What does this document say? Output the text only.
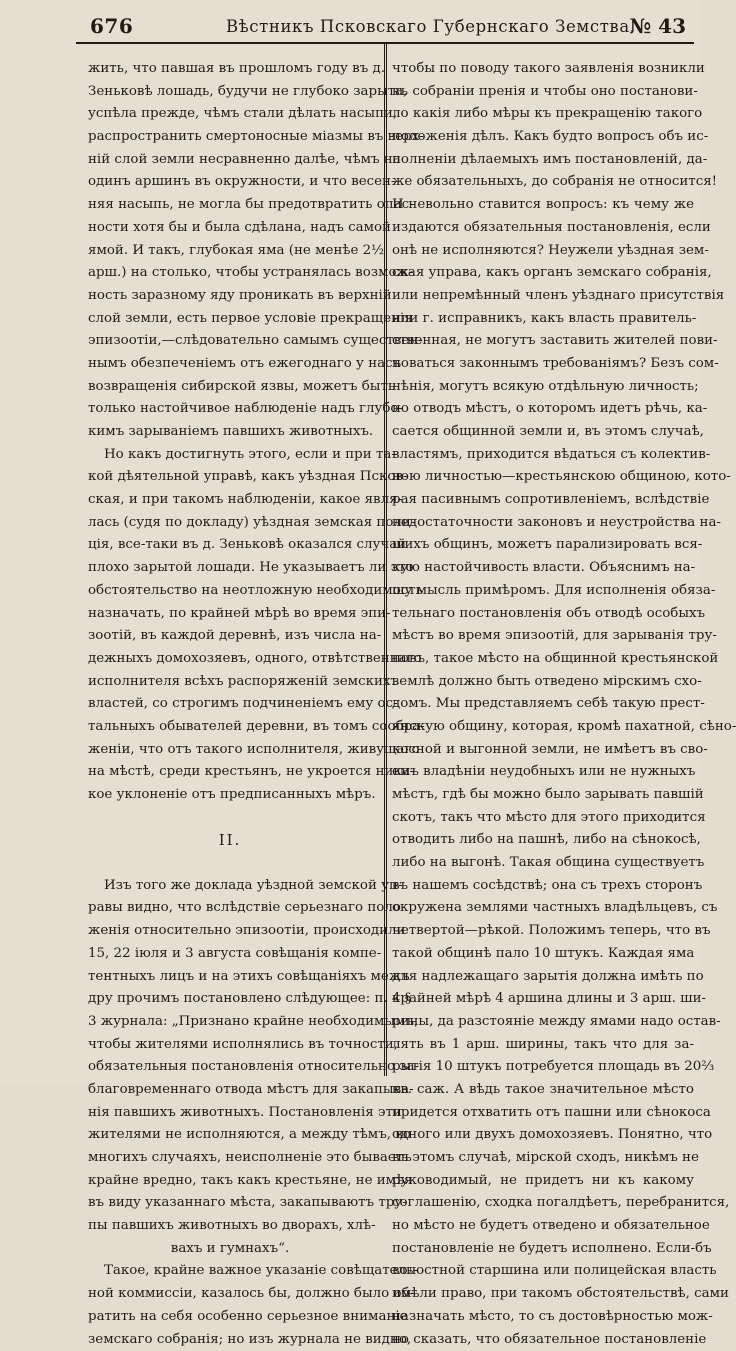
676	Вѣстникъ Псковскаго Губернскаго Земства.
№ 43
жить, что павшая въ прошломъ году въ д.
Зеньковѣ лошадь, будучи не глубоко зарыта,
успѣла прежде, чѣмъ стали дѣлать насыпи,
распространить смертоносные міазмы въ верх-
ній слой земли несравненно далѣе, чѣмъ на
одинъ аршинъ въ окружности, и что весен-
няя насыпь, не могла бы предотвратить опас-
ности хотя бы и была сдѣлана, надъ самой
ямой. И такъ, глубокая яма (не менѣе 2½
арш.) на столько, чтобы устранялась возмож-
ность заразному яду проникать въ верхній
слой земли, есть первое условіе прекращенія
эпизоотіи,—слѣдовательно самымъ существен-
нымъ обезпеченіемъ отъ ежегоднаго у насъ
возвращенія сибирской язвы, можетъ быть
только настойчивое наблюденіе надъ глубо-
кимъ зарываніемъ павшихъ животныхъ.
Но какъ достигнуть этого, если и при та-
кой дѣятельной управѣ, какъ уѣздная Псков-
ская, и при такомъ наблюденіи, какое явля-
лась (судя по докладу) уѣздная земская поли-
ція, все-таки въ д. Зеньковѣ оказался случай
плохо зарытой лошади. Не указываетъ ли это
обстоятельство на неотложную необходимость
назначать, по крайней мѣрѣ во время эпи-
зоотій, въ каждой деревнѣ, изъ числа на-
дежныхъ домохозяевъ, одного, отвѣтственнаго
исполнителя всѣхъ распоряженій земскихъ
властей, со строгимъ подчиненіемъ ему ос-
тальныхъ обывателей деревни, въ томъ сообра-
женіи, что отъ такого исполнителя, живущаго
на мѣстѣ, среди крестьянъ, не укроется ника-
кое уклоненіе отъ предписанныхъ мѣръ.
II.
Изъ того же доклада уѣздной земской уп-
равы видно, что вслѣдствіе серьезнаго поло-
женія относительно эпизоотіи, происходили
15, 22 іюля и 3 августа совѣщанія компе-
тентныхъ лицъ и на этихъ совѣщаніяхъ межъ
дру прочимъ постановлено слѣдующее: п. 4 §
3 журнала: „Признано крайне необходимымъ,
чтобы жителями исполнялись въ точности,
обязательныя постановленія относительно за-
благовременнаго отвода мѣстъ для закапыва-
нія павшихъ животныхъ. Постановленія эти
жителями не исполняются, а между тѣмъ, во
многихъ случаяхъ, неисполненіе это бываетъ
крайне вредно, такъ какъ крестьяне, не имѣя
въ виду указаннаго мѣста, закапываютъ тру-
пы павшихъ животныхъ во дворахъ, хлѣ-
вахъ и гумнахъ“.
Такое, крайне важное указаніе совѣщатель-
ной коммиссіи, казалось бы, должно было об-
ратить на себя особенно серьезное вниманіе
земскаго собранія; но изъ журнала не видно,
чтобы по поводу такого заявленія возникли
въ собраніи пренія и чтобы оно постанови-
ло какія либо мѣры къ прекращенію такого
положенія дѣлъ. Какъ будто вопросъ объ ис-
полненіи дѣлаемыхъ имъ постановленій, да-
же обязательныхъ, до собранія не относится!
И невольно ставится вопросъ: къ чему же
издаются обязательныя постановленія, если
онѣ не исполняются? Неужели уѣздная зем-
ская управа, какъ органъ земскаго собранія,
или непремѣнный членъ уѣзднаго присутствія
или г. исправникъ, какъ власть правитель-
ственная, не могутъ заставить жителей пови-
новаться законнымъ требованіямъ? Безъ сом-
нѣнія, могутъ всякую отдѣльную личность;
но отводъ мѣстъ, о которомъ идетъ рѣчь, ка-
сается общинной земли и, въ этомъ случаѣ,
властямъ, приходится вѣдаться съ колектив-
ною личностью—крестьянскою общиною, кото-
рая пасивнымъ сопротивленіемъ, вслѣдствіе
недостаточности законовъ и неустройства на-
шихъ общинъ, можетъ парализировать вся-
кую настойчивость власти. Объяснимъ на-
шу мысль примѣромъ. Для исполненія обяза-
тельнаго постановленія объ отводѣ особыхъ
мѣстъ во время эпизоотій, для зарыванія тру-
повъ, такое мѣсто на общинной крестьянской
землѣ должно быть отведено мірскимъ схо-
домъ. Мы представляемъ себѣ такую прест-
янскую общину, которая, кромѣ пахатной, сѣно-
косной и выгонной земли, не имѣетъ въ сво-
емъ владѣніи неудобныхъ или не нужныхъ
мѣстъ, гдѣ бы можно было зарывать павшій
скотъ, такъ что мѣсто для этого приходится
отводить либо на пашнѣ, либо на сѣнокосѣ,
либо на выгонѣ. Такая община существуетъ
въ нашемъ сосѣдствѣ; она съ трехъ сторонъ
окружена землями частныхъ владѣльцевъ, съ
четвертой—рѣкой. Положимъ теперь, что въ
такой общинѣ пало 10 штукъ. Каждая яма
для надлежащаго зарытія должна имѣть по
крайней мѣрѣ 4 аршина длины и 3 арш. ши-
рины, да разстояніе между ямами надо остав-
лять въ 1 арш. ширины, такъ что для за-
рытія 10 штукъ потребуется площадь въ 20⅔
кв. саж. А вѣдь такое значительное мѣсто
придется отхватить отъ пашни или сѣнокоса
одного или двухъ домохозяевъ. Понятно, что
въ этомъ случаѣ, мірской сходъ, никѣмъ не
руководимый, не придетъ ни къ какому
соглашенію, сходка погалдѣетъ, перебранится,
но мѣсто не будетъ отведено и обязательное
постановленіе не будетъ исполнено. Если-бъ
волостной старшина или полицейская власть
имѣли право, при такомъ обстоятельствѣ, сами
назначать мѣсто, то съ достовѣрностью мож-
но сказать, что обязательное постановленіе
